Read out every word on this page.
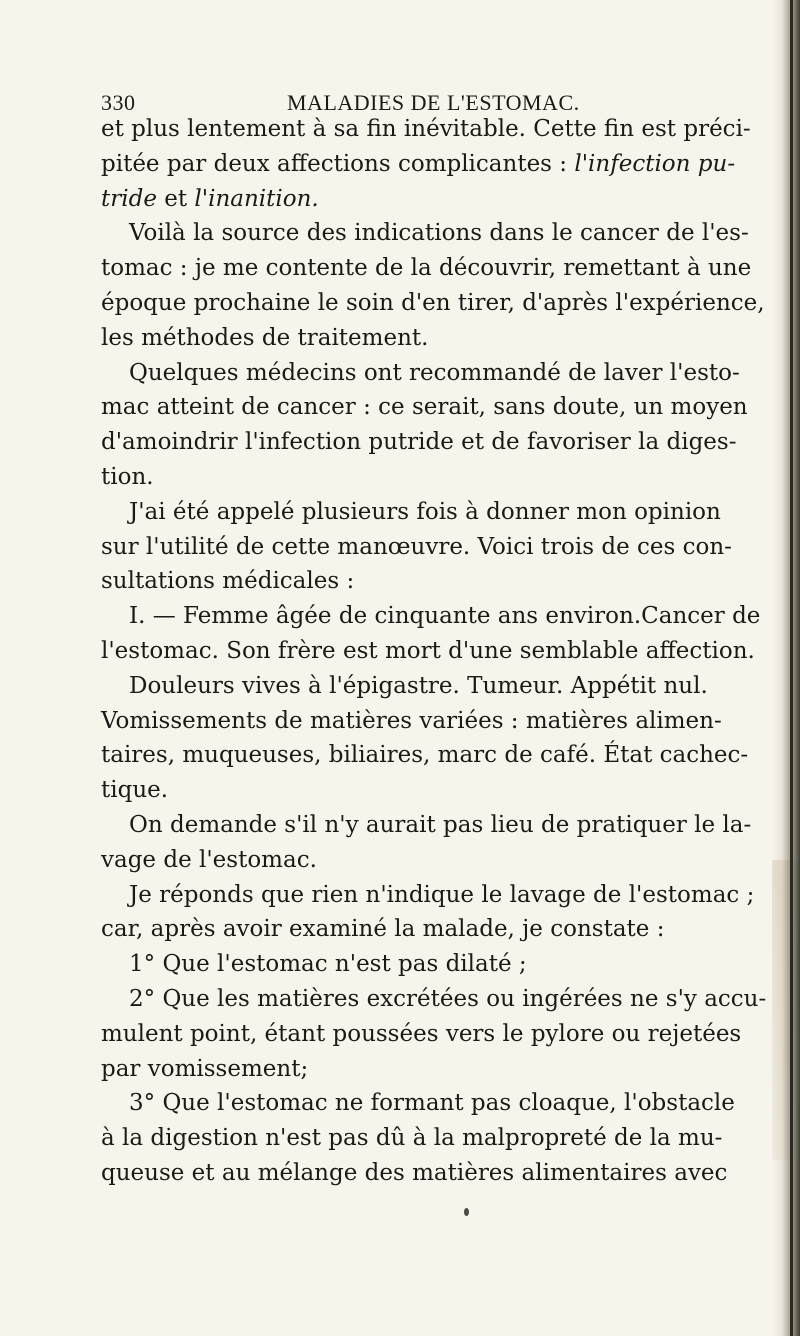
330	MALADIES DE L'ESTOMAC.
et plus lentement à sa fin inévitable. Cette fin est préci-
pitée par deux affections complicantes : l'infection pu-
tride et l'inanition.
Voilà la source des indications dans le cancer de l'es-
tomac : je me contente de la découvrir, remettant à une
époque prochaine le soin d'en tirer, d'après l'expérience,
les méthodes de traitement.
Quelques médecins ont recommandé de laver l'esto-
mac atteint de cancer : ce serait, sans doute, un moyen
d'amoindrir l'infection putride et de favoriser la diges-
tion.
J'ai été appelé plusieurs fois à donner mon opinion
sur l'utilité de cette manœuvre. Voici trois de ces con-
sultations médicales :
I. — Femme âgée de cinquante ans environ.Cancer de
l'estomac. Son frère est mort d'une semblable affection.
Douleurs vives à l'épigastre. Tumeur. Appétit nul.
Vomissements de matières variées : matières alimen-
taires, muqueuses, biliaires, marc de café. État cachec-
tique.
On demande s'il n'y aurait pas lieu de pratiquer le la-
vage de l'estomac.
Je réponds que rien n'indique le lavage de l'estomac ;
car, après avoir examiné la malade, je constate :
1° Que l'estomac n'est pas dilaté ;
2° Que les matières excrétées ou ingérées ne s'y accu-
mulent point, étant poussées vers le pylore ou rejetées
par vomissement;
3° Que l'estomac ne formant pas cloaque, l'obstacle
à la digestion n'est pas dû à la malpropreté de la mu-
queuse et au mélange des matières alimentaires avec
